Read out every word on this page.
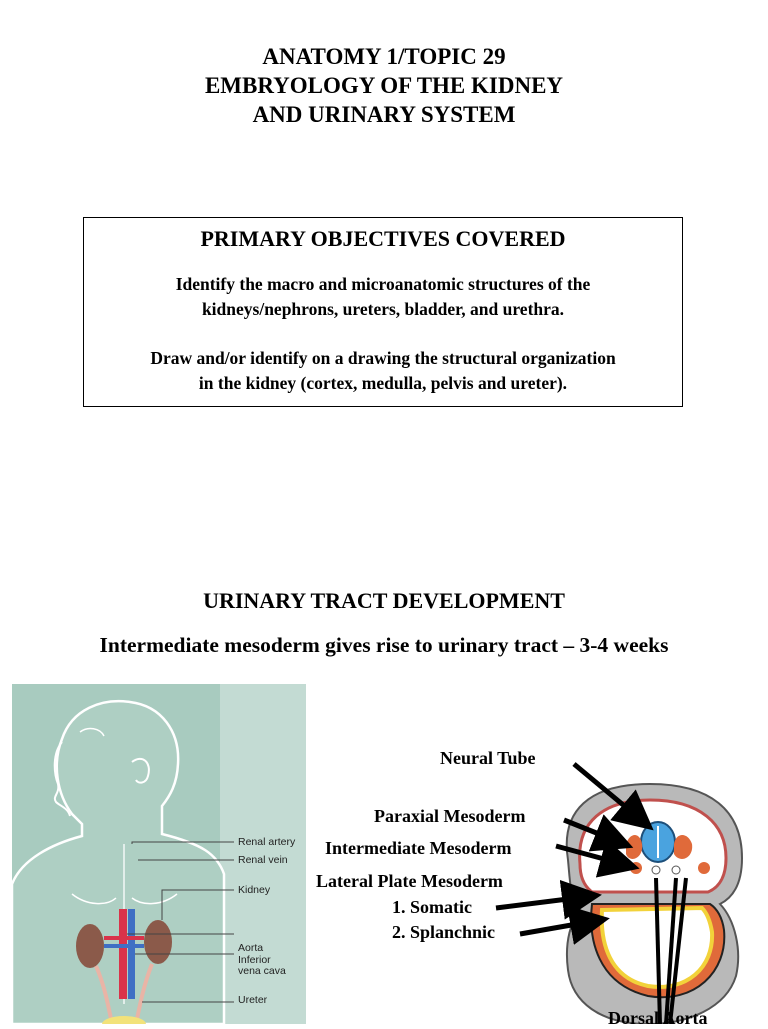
ANATOMY 1/TOPIC 29
EMBRYOLOGY OF THE KIDNEY
AND URINARY SYSTEM
PRIMARY OBJECTIVES COVERED
Identify the macro and microanatomic structures of the
kidneys/nephrons, ureters, bladder, and urethra.
Draw and/or identify on a drawing the structural organization
in the kidney (cortex, medulla, pelvis and ureter).
URINARY TRACT DEVELOPMENT
Intermediate mesoderm gives rise to urinary tract – 3-4 weeks
Renal artery
Renal vein
Kidney
Aorta
Inferior
vena cava
Ureter
Neural Tube
Paraxial Mesoderm
Intermediate Mesoderm
Lateral Plate Mesoderm
1. Somatic
2. Splanchnic
Dorsal Aorta
